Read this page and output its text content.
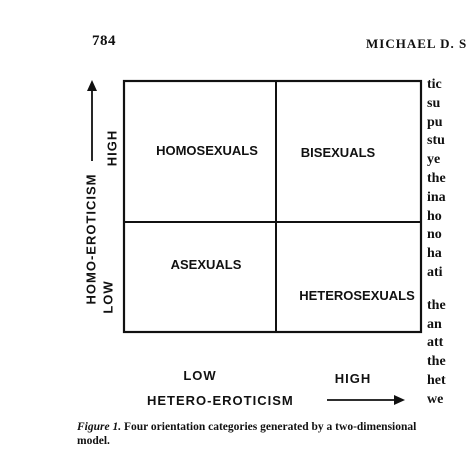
784	MICHAEL D. S
HOMOSEXUALS	BISEXUALS
ASEXUALS
HETEROSEXUALS
HOMO-EROTICISM
HIGH
LOW
LOW	HIGH
HETERO-EROTICISM
Figure 1. Four orientation categories generated by a two-dimensional model.
tic
su
pu
stu
ye
the
ina
ho
no
ha
ati
the
an
att
the
het
we
